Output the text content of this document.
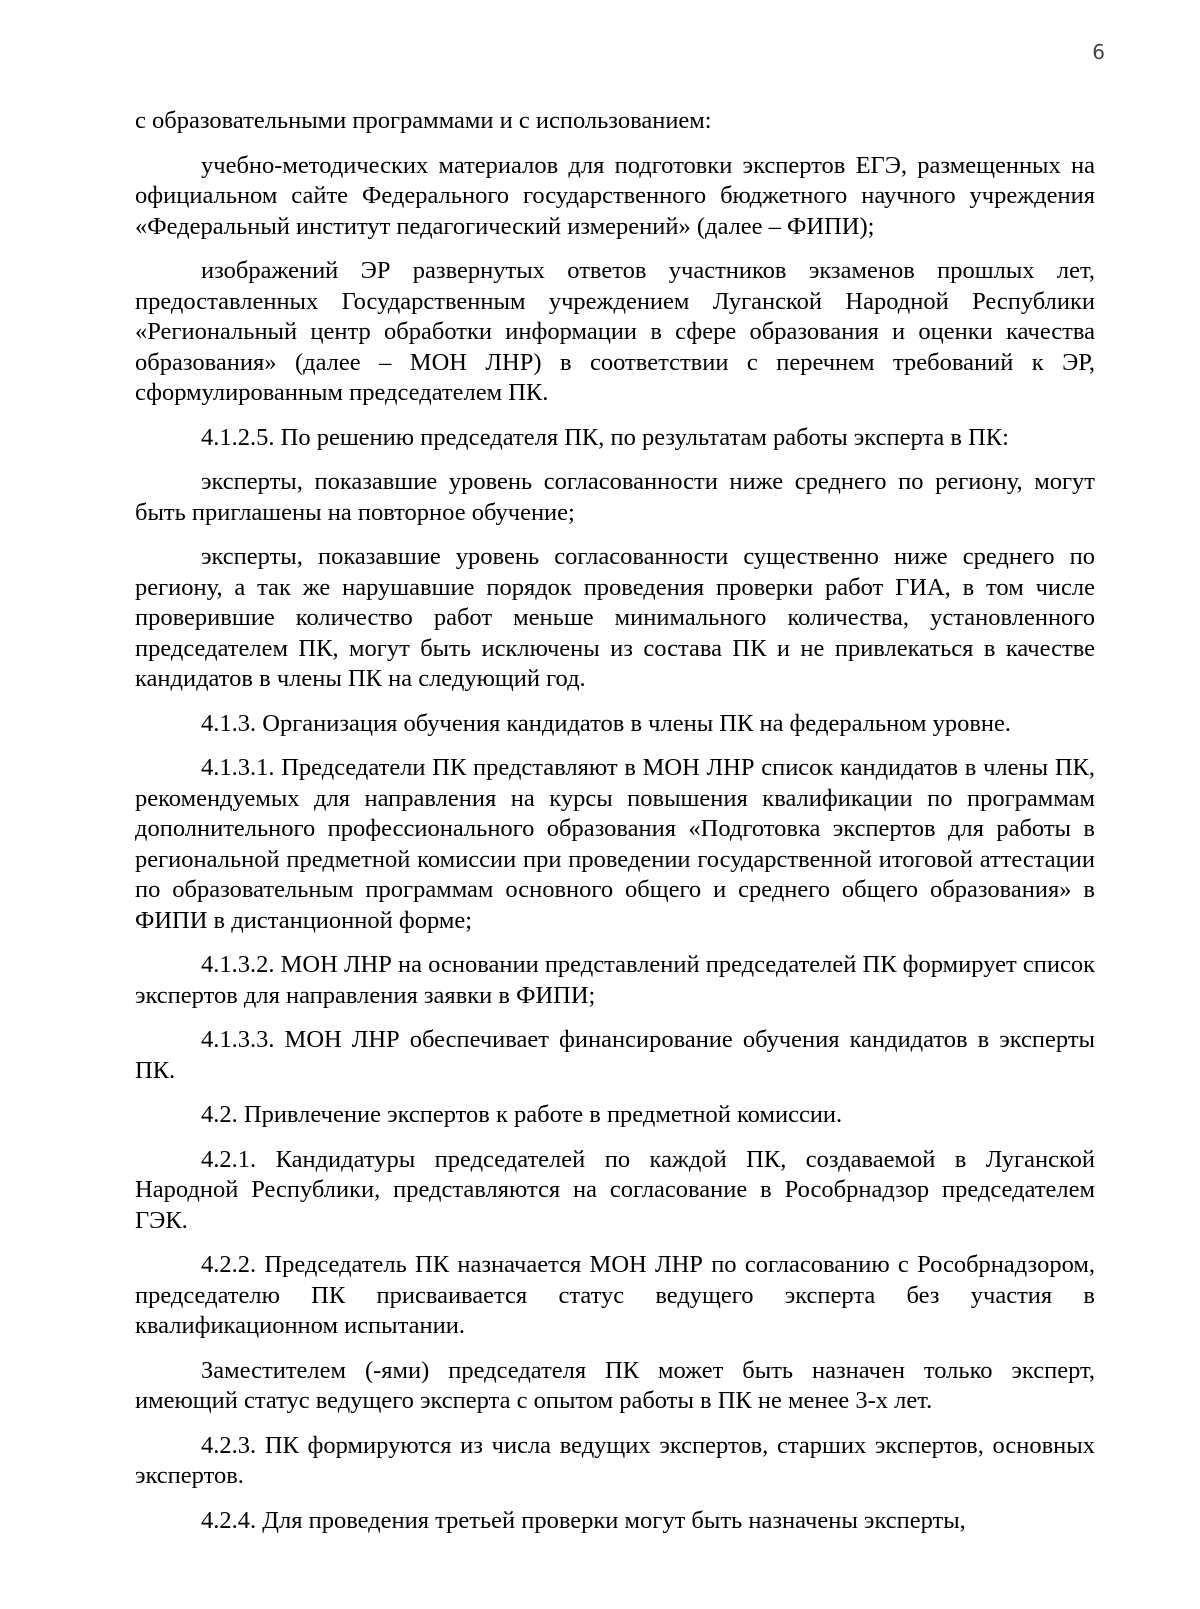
6

с образовательными программами и с использованием:

учебно-методических материалов для подготовки экспертов ЕГЭ, размещенных на официальном сайте Федерального государственного бюджетного научного учреждения «Федеральный институт педагогический измерений» (далее – ФИПИ);

изображений ЭР развернутых ответов участников экзаменов прошлых лет, предоставленных Государственным учреждением Луганской Народной Республики «Региональный центр обработки информации в сфере образования и оценки качества образования» (далее – МОН ЛНР) в соответствии с перечнем требований к ЭР, сформулированным председателем ПК.

4.1.2.5. По решению председателя ПК, по результатам работы эксперта в ПК:

эксперты, показавшие уровень согласованности ниже среднего по региону, могут быть приглашены на повторное обучение;

эксперты, показавшие уровень согласованности существенно ниже среднего по региону, а так же нарушавшие порядок проведения проверки работ ГИА, в том числе проверившие количество работ меньше минимального количества, установленного председателем ПК, могут быть исключены из состава ПК и не привлекаться в качестве кандидатов в члены ПК на следующий год.

4.1.3. Организация обучения кандидатов в члены ПК на федеральном уровне.

4.1.3.1. Председатели ПК представляют в МОН ЛНР список кандидатов в члены ПК, рекомендуемых для направления на курсы повышения квалификации по программам дополнительного профессионального образования «Подготовка экспертов для работы в региональной предметной комиссии при проведении государственной итоговой аттестации по образовательным программам основного общего и среднего общего образования» в ФИПИ в дистанционной форме;

4.1.3.2. МОН ЛНР на основании представлений председателей ПК формирует список экспертов для направления заявки в ФИПИ;

4.1.3.3. МОН ЛНР обеспечивает финансирование обучения кандидатов в эксперты ПК.

4.2. Привлечение экспертов к работе в предметной комиссии.

4.2.1. Кандидатуры председателей по каждой ПК, создаваемой в Луганской Народной Республики, представляются на согласование в Рособрнадзор председателем ГЭК.

4.2.2. Председатель ПК назначается МОН ЛНР по согласованию с Рособрнадзором, председателю ПК присваивается статус ведущего эксперта без участия в квалификационном испытании.

Заместителем (-ями) председателя ПК может быть назначен только эксперт, имеющий статус ведущего эксперта с опытом работы в ПК не менее 3-х лет.

4.2.3. ПК формируются из числа ведущих экспертов, старших экспертов, основных экспертов.

4.2.4. Для проведения третьей проверки могут быть назначены эксперты,
